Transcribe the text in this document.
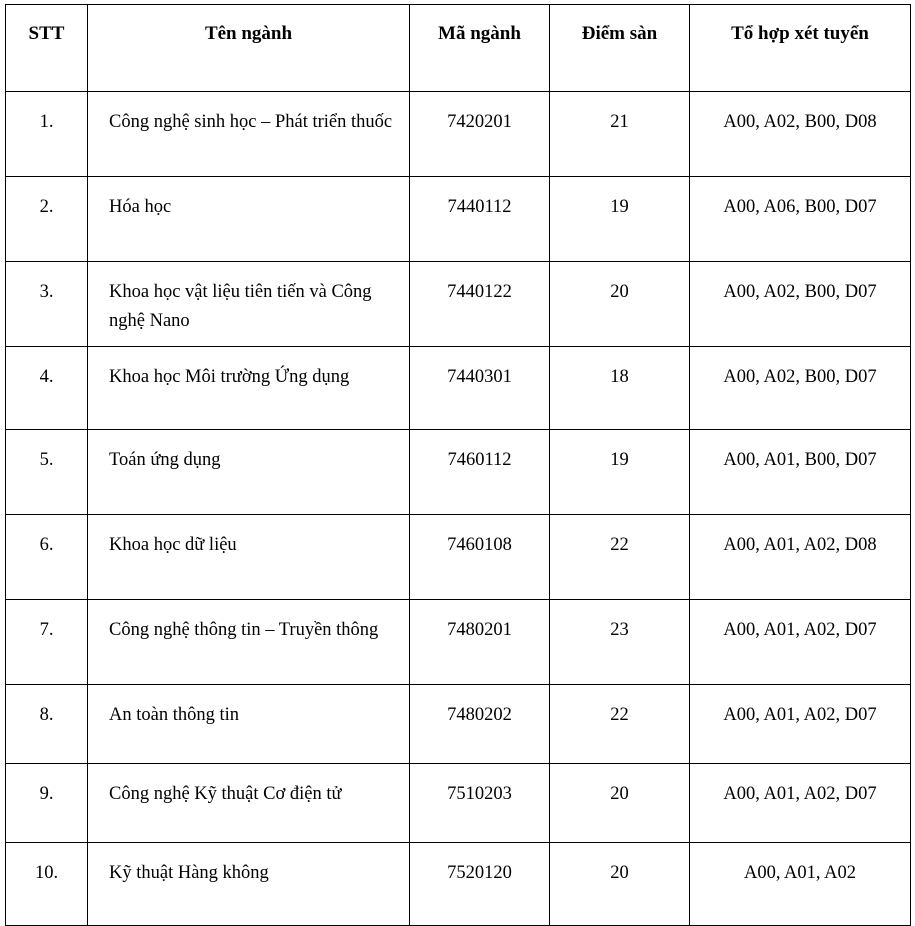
STT	Tên ngành	Mã ngành	Điểm sàn	Tổ hợp xét tuyển

1.	Công nghệ sinh học – Phát triển thuốc	7420201	21	A00, A02, B00, D08

2.	Hóa học	7440112	19	A00, A06, B00, D07

3.	Khoa học vật liệu tiên tiến và Công nghệ Nano	7440122	20	A00, A02, B00, D07

4.	Khoa học Môi trường Ứng dụng	7440301	18	A00, A02, B00, D07

5.	Toán ứng dụng	7460112	19	A00, A01, B00, D07

6.	Khoa học dữ liệu	7460108	22	A00, A01, A02, D08

7.	Công nghệ thông tin – Truyền thông	7480201	23	A00, A01, A02, D07

8.	An toàn thông tin	7480202	22	A00, A01, A02, D07

9.	Công nghệ Kỹ thuật Cơ điện tử	7510203	20	A00, A01, A02, D07

10.	Kỹ thuật Hàng không	7520120	20	A00, A01, A02
